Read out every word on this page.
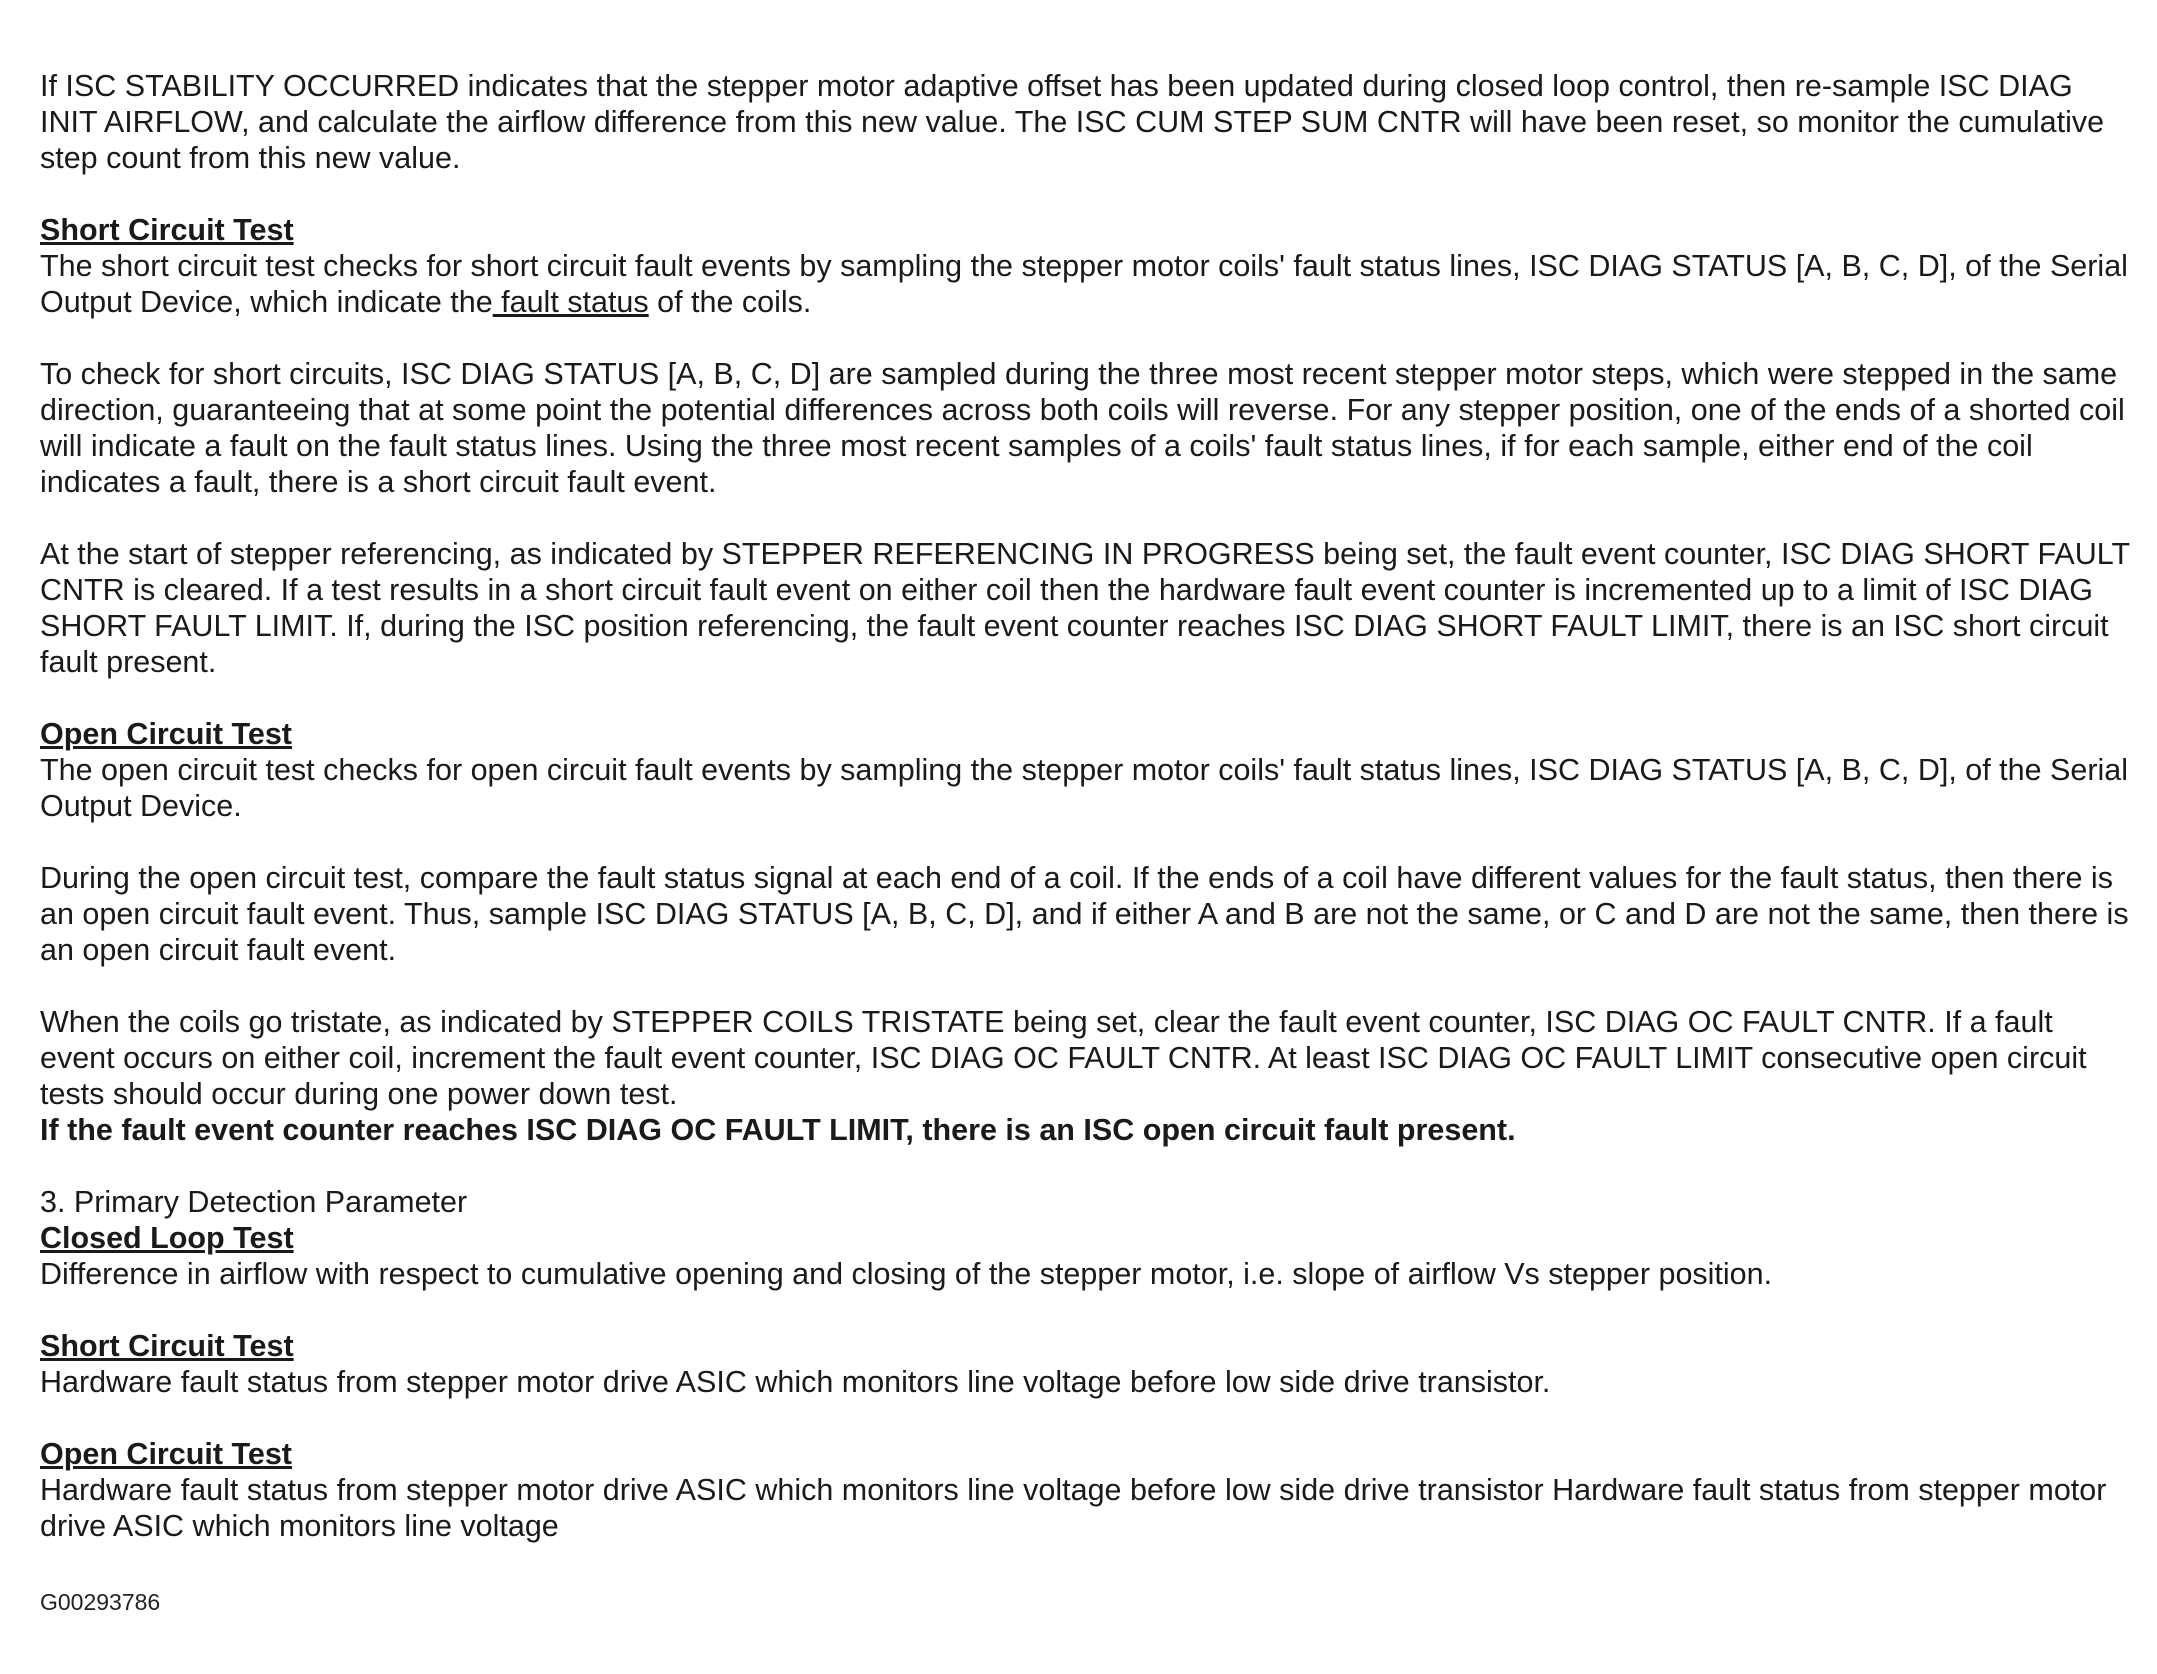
If ISC STABILITY OCCURRED indicates that the stepper motor adaptive offset has been updated during closed loop control, then re-sample ISC DIAG INIT AIRFLOW, and calculate the airflow difference from this new value. The ISC CUM STEP SUM CNTR will have been reset, so monitor the cumulative step count from this new value.

Short Circuit Test

The short circuit test checks for short circuit fault events by sampling the stepper motor coils' fault status lines, ISC DIAG STATUS [A, B, C, D], of the Serial Output Device, which indicate the fault status of the coils.

To check for short circuits, ISC DIAG STATUS [A, B, C, D] are sampled during the three most recent stepper motor steps, which were stepped in the same direction, guaranteeing that at some point the potential differences across both coils will reverse. For any stepper position, one of the ends of a shorted coil will indicate a fault on the fault status lines. Using the three most recent samples of a coils' fault status lines, if for each sample, either end of the coil indicates a fault, there is a short circuit fault event.

At the start of stepper referencing, as indicated by STEPPER REFERENCING IN PROGRESS being set, the fault event counter, ISC DIAG SHORT FAULT CNTR is cleared. If a test results in a short circuit fault event on either coil then the hardware fault event counter is incremented up to a limit of ISC DIAG SHORT FAULT LIMIT. If, during the ISC position referencing, the fault event counter reaches ISC DIAG SHORT FAULT LIMIT, there is an ISC short circuit fault present.

Open Circuit Test

The open circuit test checks for open circuit fault events by sampling the stepper motor coils' fault status lines, ISC DIAG STATUS [A, B, C, D], of the Serial Output Device.

During the open circuit test, compare the fault status signal at each end of a coil. If the ends of a coil have different values for the fault status, then there is an open circuit fault event. Thus, sample ISC DIAG STATUS [A, B, C, D], and if either A and B are not the same, or C and D are not the same, then there is an open circuit fault event.

When the coils go tristate, as indicated by STEPPER COILS TRISTATE being set, clear the fault event counter, ISC DIAG OC FAULT CNTR. If a fault event occurs on either coil, increment the fault event counter, ISC DIAG OC FAULT CNTR. At least ISC DIAG OC FAULT LIMIT consecutive open circuit tests should occur during one power down test.

If the fault event counter reaches ISC DIAG OC FAULT LIMIT, there is an ISC open circuit fault present.

3. Primary Detection Parameter

Closed Loop Test

Difference in airflow with respect to cumulative opening and closing of the stepper motor, i.e. slope of airflow Vs stepper position.

Short Circuit Test

Hardware fault status from stepper motor drive ASIC which monitors line voltage before low side drive transistor.

Open Circuit Test

Hardware fault status from stepper motor drive ASIC which monitors line voltage before low side drive transistor Hardware fault status from stepper motor drive ASIC which monitors line voltage

G00293786
